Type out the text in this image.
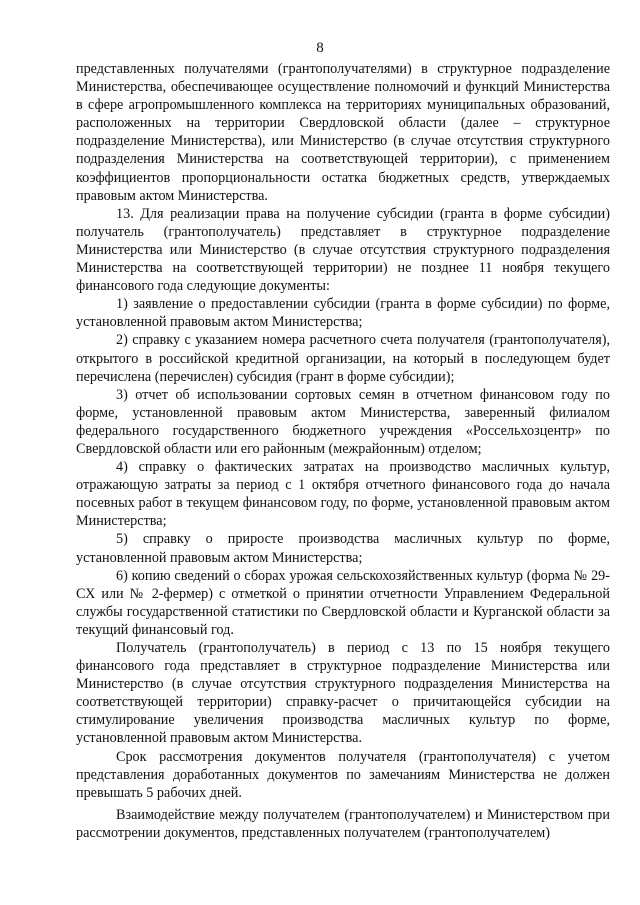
8

представленных получателями (грантополучателями) в структурное подразделение Министерства, обеспечивающее осуществление полномочий и функций Министерства в сфере агропромышленного комплекса на территориях муниципальных образований, расположенных на территории Свердловской области (далее – структурное подразделение Министерства), или Министерство (в случае отсутствия структурного подразделения Министерства на соответствующей территории), с применением коэффициентов пропорциональности остатка бюджетных средств, утверждаемых правовым актом Министерства.

13. Для реализации права на получение субсидии (гранта в форме субсидии) получатель (грантополучатель) представляет в структурное подразделение Министерства или Министерство (в случае отсутствия структурного подразделения Министерства на соответствующей территории) не позднее 11 ноября текущего финансового года следующие документы:

1) заявление о предоставлении субсидии (гранта в форме субсидии) по форме, установленной правовым актом Министерства;

2) справку с указанием номера расчетного счета получателя (грантополучателя), открытого в российской кредитной организации, на который в последующем будет перечислена (перечислен) субсидия (грант в форме субсидии);

3) отчет об использовании сортовых семян в отчетном финансовом году по форме, установленной правовым актом Министерства, заверенный филиалом федерального государственного бюджетного учреждения «Россельхозцентр» по Свердловской области или его районным (межрайонным) отделом;

4) справку о фактических затратах на производство масличных культур, отражающую затраты за период с 1 октября отчетного финансового года до начала посевных работ в текущем финансовом году, по форме, установленной правовым актом Министерства;

5) справку о приросте производства масличных культур по форме, установленной правовым актом Министерства;

6) копию сведений о сборах урожая сельскохозяйственных культур (форма № 29-СХ или № 2-фермер) с отметкой о принятии отчетности Управлением Федеральной службы государственной статистики по Свердловской области и Курганской области за текущий финансовый год.

Получатель (грантополучатель) в период с 13 по 15 ноября текущего финансового года представляет в структурное подразделение Министерства или Министерство (в случае отсутствия структурного подразделения Министерства на соответствующей территории) справку-расчет о причитающейся субсидии на стимулирование увеличения производства масличных культур по форме, установленной правовым актом Министерства.

Срок рассмотрения документов получателя (грантополучателя) с учетом представления доработанных документов по замечаниям Министерства не должен превышать 5 рабочих дней.

Взаимодействие между получателем (грантополучателем) и Министерством при рассмотрении документов, представленных получателем (грантополучателем)
